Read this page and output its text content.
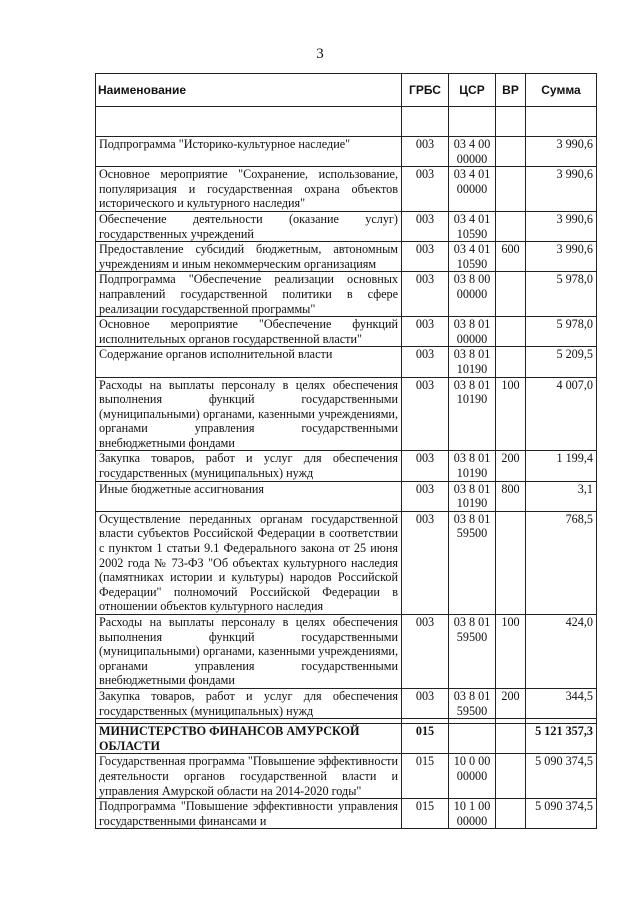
3
Наименование	ГРБС	ЦСР	ВР	Сумма

Подпрограмма "Историко-культурное наследие"	003	03 4 00 00000		3 990,6
Основное мероприятие "Сохранение, использование, популяризация и государственная охрана объектов исторического и культурного наследия"	003	03 4 01 00000		3 990,6
Обеспечение деятельности (оказание услуг) государственных учреждений	003	03 4 01 10590		3 990,6
Предоставление субсидий бюджетным, автономным учреждениям и иным некоммерческим организациям	003	03 4 01 10590	600	3 990,6
Подпрограмма "Обеспечение реализации основных направлений государственной политики в сфере реализации государственной программы"	003	03 8 00 00000		5 978,0
Основное мероприятие "Обеспечение функций исполнительных органов государственной власти"	003	03 8 01 00000		5 978,0
Содержание органов исполнительной власти	003	03 8 01 10190		5 209,5
Расходы на выплаты персоналу в целях обеспечения выполнения функций государственными (муниципальными) органами, казенными учреждениями, органами управления государственными внебюджетными фондами	003	03 8 01 10190	100	4 007,0
Закупка товаров, работ и услуг для обеспечения государственных (муниципальных) нужд	003	03 8 01 10190	200	1 199,4
Иные бюджетные ассигнования	003	03 8 01 10190	800	3,1
Осуществление переданных органам государственной власти субъектов Российской Федерации в соответствии с пунктом 1 статьи 9.1 Федерального закона от 25 июня 2002 года № 73-ФЗ "Об объектах культурного наследия (памятниках истории и культуры) народов Российской Федерации" полномочий Российской Федерации в отношении объектов культурного наследия	003	03 8 01 59500		768,5
Расходы на выплаты персоналу в целях обеспечения выполнения функций государственными (муниципальными) органами, казенными учреждениями, органами управления государственными внебюджетными фондами	003	03 8 01 59500	100	424,0
Закупка товаров, работ и услуг для обеспечения государственных (муниципальных) нужд	003	03 8 01 59500	200	344,5

МИНИСТЕРСТВО ФИНАНСОВ АМУРСКОЙ ОБЛАСТИ	015			5 121 357,3
Государственная программа "Повышение эффективности деятельности органов государственной власти и управления Амурской области на 2014-2020 годы"	015	10 0 00 00000		5 090 374,5
Подпрограмма "Повышение эффективности управления государственными финансами и	015	10 1 00 00000		5 090 374,5
